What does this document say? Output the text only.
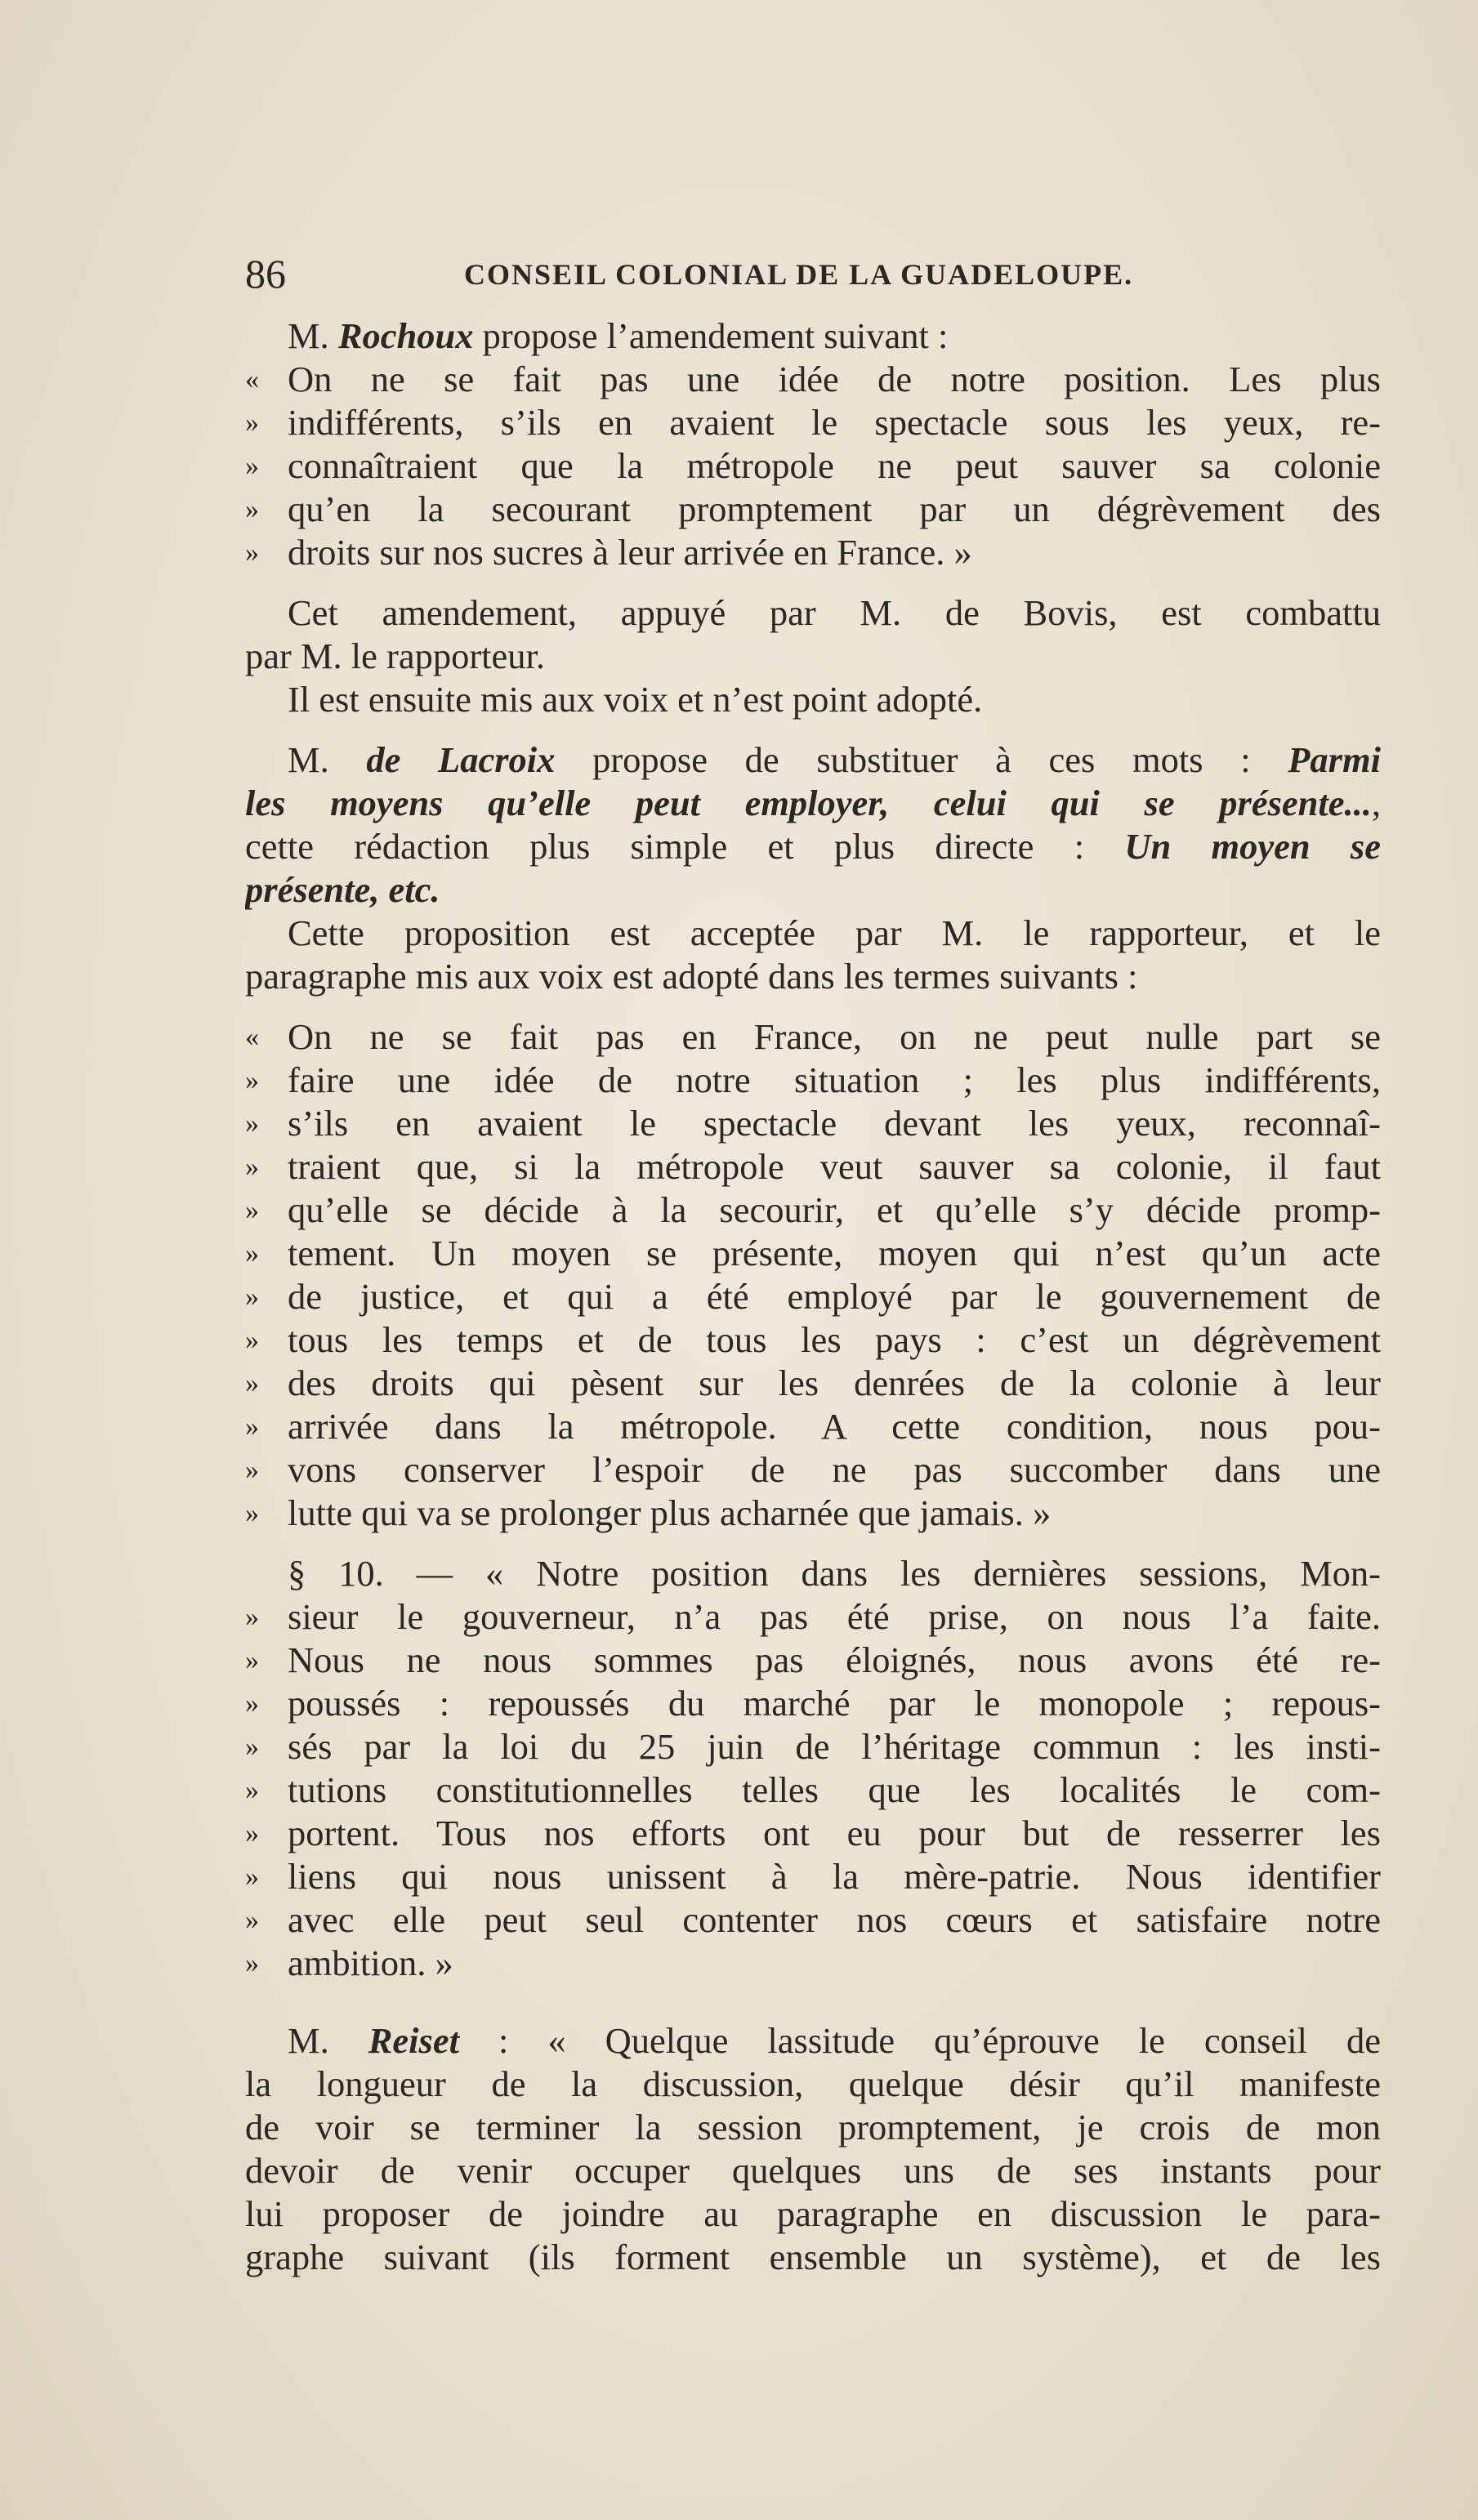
86	CONSEIL COLONIAL DE LA GUADELOUPE.
M. Rochoux propose l’amendement suivant :
« On ne se fait pas une idée de notre position. Les plus
» indifférents, s’ils en avaient le spectacle sous les yeux, re-
» connaîtraient que la métropole ne peut sauver sa colonie
» qu’en la secourant promptement par un dégrèvement des
» droits sur nos sucres à leur arrivée en France. »
Cet amendement, appuyé par M. de Bovis, est combattu
par M. le rapporteur.
Il est ensuite mis aux voix et n’est point adopté.
M. de Lacroix propose de substituer à ces mots : Parmi
les moyens qu’elle peut employer, celui qui se présente...,
cette rédaction plus simple et plus directe : Un moyen se
présente, etc.
Cette proposition est acceptée par M. le rapporteur, et le
paragraphe mis aux voix est adopté dans les termes suivants :
« On ne se fait pas en France, on ne peut nulle part se
» faire une idée de notre situation ; les plus indifférents,
» s’ils en avaient le spectacle devant les yeux, reconnaî-
» traient que, si la métropole veut sauver sa colonie, il faut
» qu’elle se décide à la secourir, et qu’elle s’y décide promp-
» tement. Un moyen se présente, moyen qui n’est qu’un acte
» de justice, et qui a été employé par le gouvernement de
» tous les temps et de tous les pays : c’est un dégrèvement
» des droits qui pèsent sur les denrées de la colonie à leur
» arrivée dans la métropole. A cette condition, nous pou-
» vons conserver l’espoir de ne pas succomber dans une
» lutte qui va se prolonger plus acharnée que jamais. »
§ 10. — « Notre position dans les dernières sessions, Mon-
» sieur le gouverneur, n’a pas été prise, on nous l’a faite.
» Nous ne nous sommes pas éloignés, nous avons été re-
» poussés : repoussés du marché par le monopole ; repous-
» sés par la loi du 25 juin de l’héritage commun : les insti-
» tutions constitutionnelles telles que les localités le com-
» portent. Tous nos efforts ont eu pour but de resserrer les
» liens qui nous unissent à la mère-patrie. Nous identifier
» avec elle peut seul contenter nos cœurs et satisfaire notre
» ambition. »
M. Reiset : « Quelque lassitude qu’éprouve le conseil de
la longueur de la discussion, quelque désir qu’il manifeste
de voir se terminer la session promptement, je crois de mon
devoir de venir occuper quelques uns de ses instants pour
lui proposer de joindre au paragraphe en discussion le para-
graphe suivant (ils forment ensemble un système), et de les
